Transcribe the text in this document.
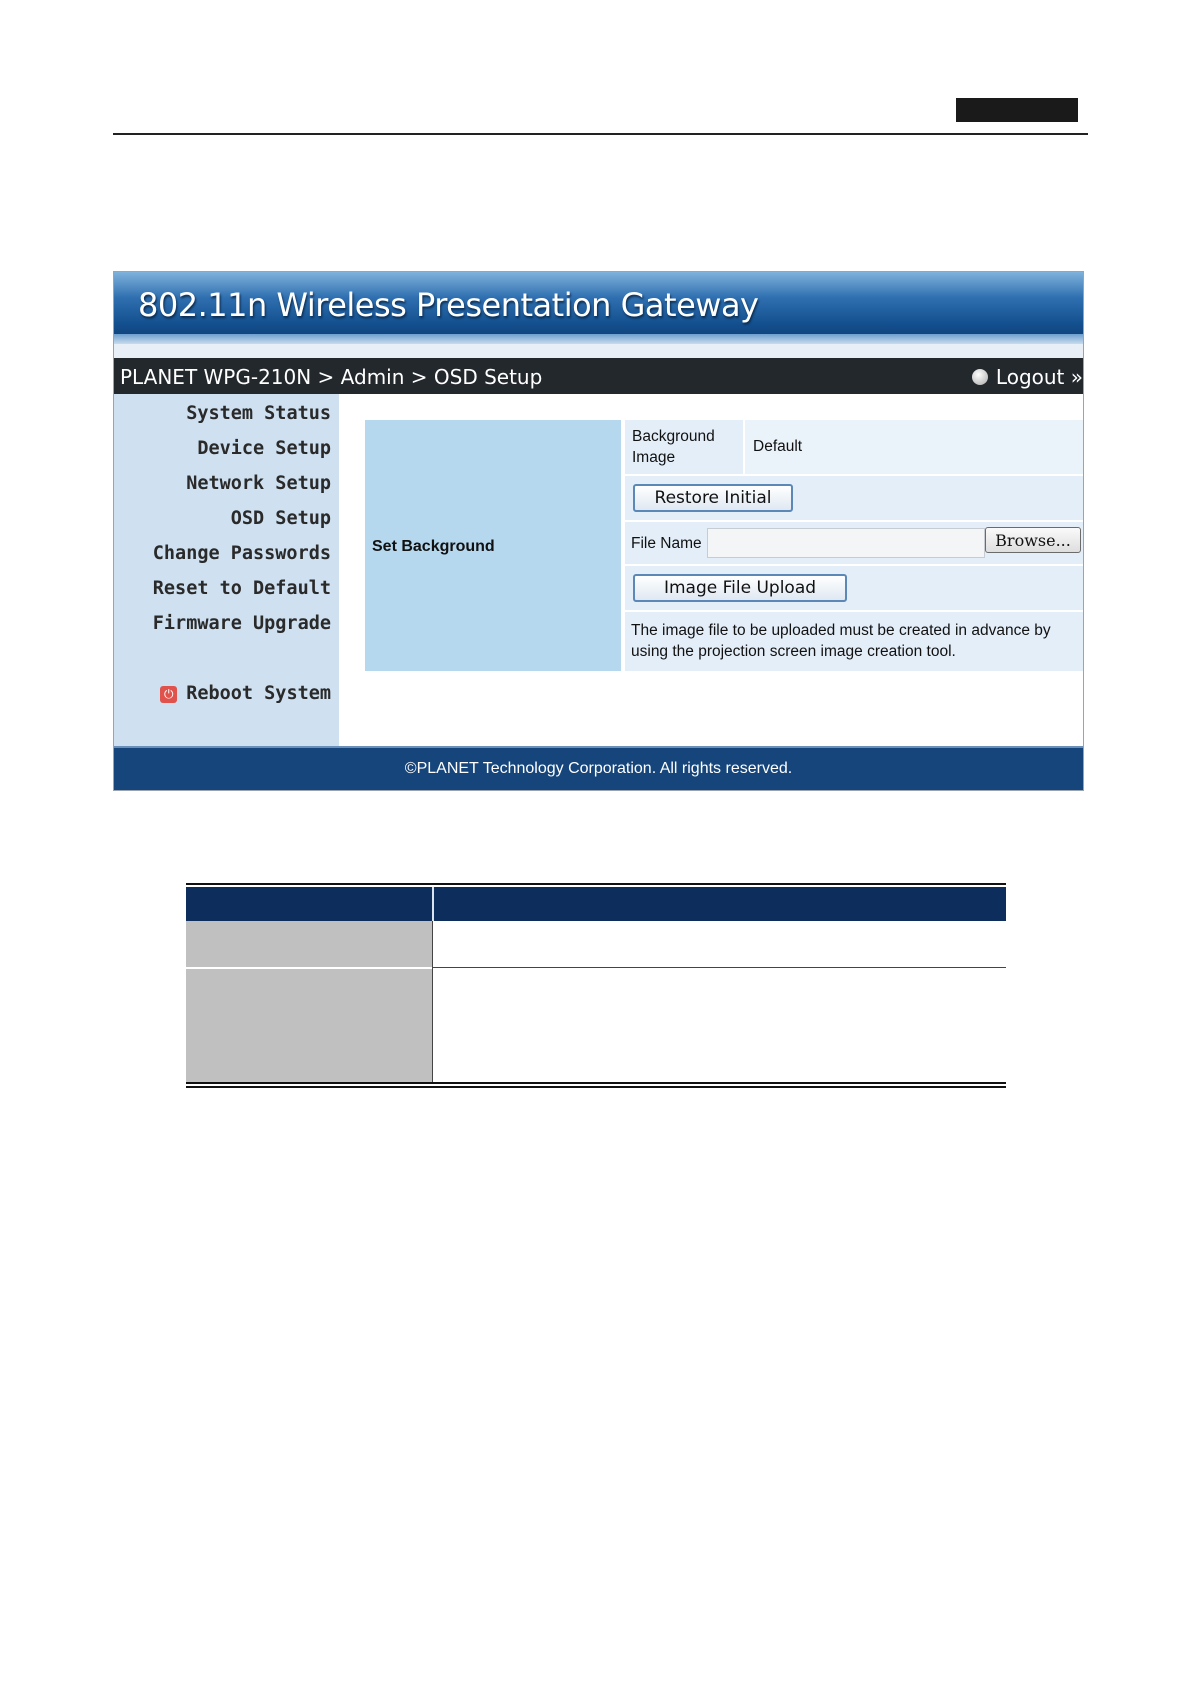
802.11n Wireless Presentation Gateway
PLANET WPG-210N > Admin > OSD Setup	Logout »
System Status
Device Setup
Network Setup
OSD Setup
Change Passwords
Reset to Default
Firmware Upgrade
⏻ Reboot System
Set Background
Background Image
Default
Restore Initial
File Name	Browse...
Image File Upload
The image file to be uploaded must be created in advance by using the projection screen image creation tool.
©PLANET Technology Corporation. All rights reserved.
